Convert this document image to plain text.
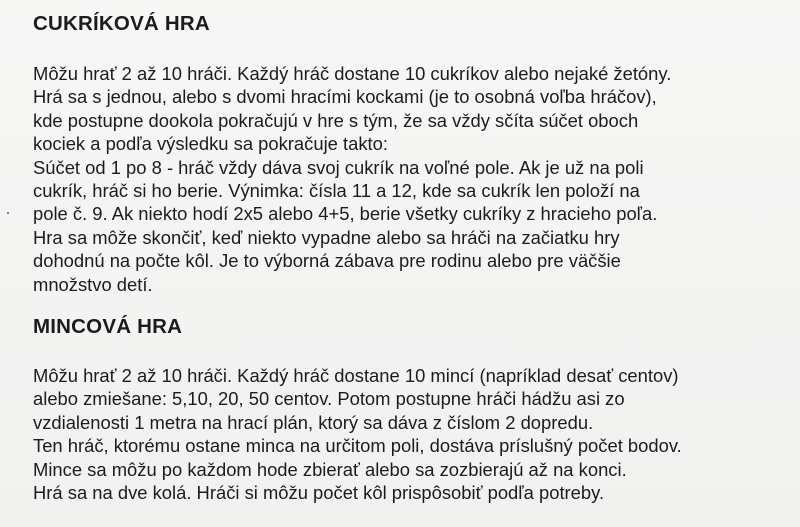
CUKRÍKOVÁ HRA

Môžu hrať 2 až 10 hráči. Každý hráč dostane 10 cukríkov alebo nejaké žetóny.
Hrá sa s jednou, alebo s dvomi hracími kockami (je to osobná voľba hráčov),
kde postupne dookola pokračujú v hre s tým, že sa vždy sčíta súčet oboch
kociek a podľa výsledku sa pokračuje takto:
Súčet od 1 po 8 - hráč vždy dáva svoj cukrík na voľné pole. Ak je už na poli
cukrík, hráč si ho berie. Výnimka: čísla 11 a 12, kde sa cukrík len položí na
pole č. 9. Ak niekto hodí 2x5 alebo 4+5, berie všetky cukríky z hracieho poľa.
Hra sa môže skončiť, keď niekto vypadne alebo sa hráči na začiatku hry
dohodnú na počte kôl. Je to výborná zábava pre rodinu alebo pre väčšie
množstvo detí.

MINCOVÁ HRA

Môžu hrať 2 až 10 hráči. Každý hráč dostane 10 mincí (napríklad desať centov)
alebo zmiešane: 5,10, 20, 50 centov. Potom postupne hráči hádžu asi zo
vzdialenosti 1 metra na hrací plán, ktorý sa dáva z číslom 2 dopredu.
Ten hráč, ktorému ostane minca na určitom poli, dostáva príslušný počet bodov.
Mince sa môžu po každom hode zbierať alebo sa zozbierajú až na konci.
Hrá sa na dve kolá. Hráči si môžu počet kôl prispôsobiť podľa potreby.
